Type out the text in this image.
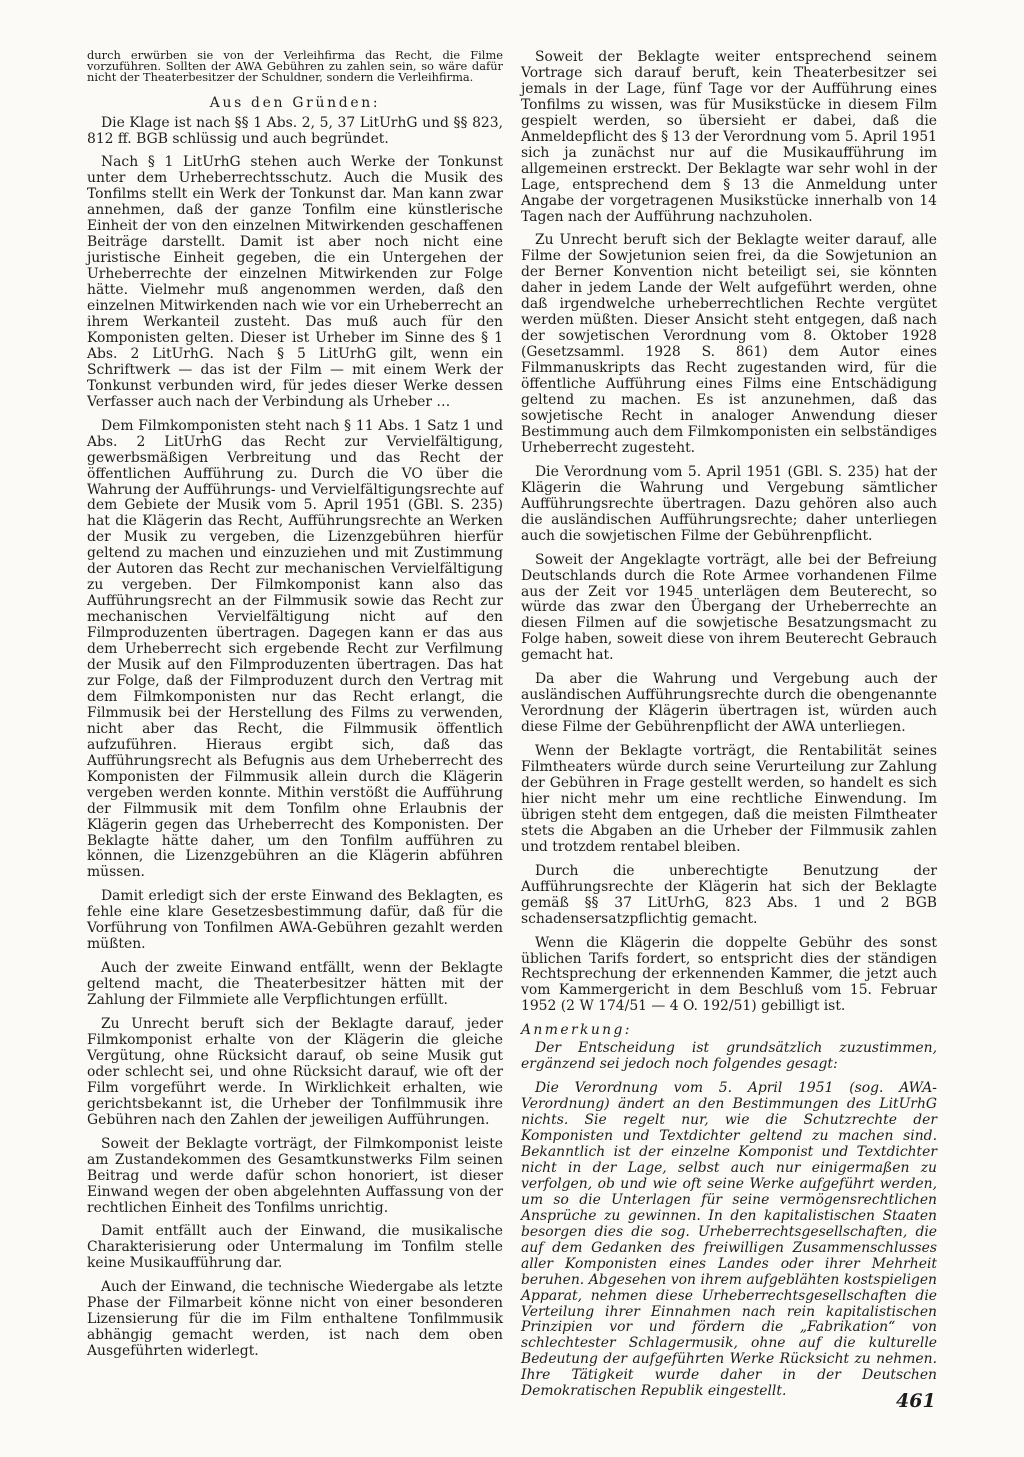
durch erwürben sie von der Verleihfirma das Recht, die Filme vorzuführen. Sollten der AWA Gebühren zu zahlen sein, so wäre dafür nicht der Theaterbesitzer der Schuldner, sondern die Verleihfirma.

Aus den Gründen:

Die Klage ist nach §§ 1 Abs. 2, 5, 37 LitUrhG und §§ 823, 812 ff. BGB schlüssig und auch begründet.

Nach § 1 LitUrhG stehen auch Werke der Tonkunst unter dem Urheberrechtsschutz. Auch die Musik des Tonfilms stellt ein Werk der Tonkunst dar. Man kann zwar annehmen, daß der ganze Tonfilm eine künstlerische Einheit der von den einzelnen Mitwirkenden geschaffenen Beiträge darstellt. Damit ist aber noch nicht eine juristische Einheit gegeben, die ein Untergehen der Urheberrechte der einzelnen Mitwirkenden zur Folge hätte. Vielmehr muß angenommen werden, daß den einzelnen Mitwirkenden nach wie vor ein Urheberrecht an ihrem Werkanteil zusteht. Das muß auch für den Komponisten gelten. Dieser ist Urheber im Sinne des § 1 Abs. 2 LitUrhG. Nach § 5 LitUrhG gilt, wenn ein Schriftwerk — das ist der Film — mit einem Werk der Tonkunst verbunden wird, für jedes dieser Werke dessen Verfasser auch nach der Verbindung als Urheber …

Dem Filmkomponisten steht nach § 11 Abs. 1 Satz 1 und Abs. 2 LitUrhG das Recht zur Vervielfältigung, gewerbsmäßigen Verbreitung und das Recht der öffentlichen Aufführung zu. Durch die VO über die Wahrung der Aufführungs- und Vervielfältigungsrechte auf dem Gebiete der Musik vom 5. April 1951 (GBl. S. 235) hat die Klägerin das Recht, Aufführungsrechte an Werken der Musik zu vergeben, die Lizenzgebühren hierfür geltend zu machen und einzuziehen und mit Zustimmung der Autoren das Recht zur mechanischen Vervielfältigung zu vergeben. Der Filmkomponist kann also das Aufführungsrecht an der Filmmusik sowie das Recht zur mechanischen Vervielfältigung nicht auf den Filmproduzenten übertragen. Dagegen kann er das aus dem Urheberrecht sich ergebende Recht zur Verfilmung der Musik auf den Filmproduzenten übertragen. Das hat zur Folge, daß der Filmproduzent durch den Vertrag mit dem Filmkomponisten nur das Recht erlangt, die Filmmusik bei der Herstellung des Films zu verwenden, nicht aber das Recht, die Filmmusik öffentlich aufzuführen. Hieraus ergibt sich, daß das Aufführungsrecht als Befugnis aus dem Urheberrecht des Komponisten der Filmmusik allein durch die Klägerin vergeben werden konnte. Mithin verstößt die Aufführung der Filmmusik mit dem Tonfilm ohne Erlaubnis der Klägerin gegen das Urheberrecht des Komponisten. Der Beklagte hätte daher, um den Tonfilm aufführen zu können, die Lizenzgebühren an die Klägerin abführen müssen.

Damit erledigt sich der erste Einwand des Beklagten, es fehle eine klare Gesetzesbestimmung dafür, daß für die Vorführung von Tonfilmen AWA-Gebühren gezahlt werden müßten.

Auch der zweite Einwand entfällt, wenn der Beklagte geltend macht, die Theaterbesitzer hätten mit der Zahlung der Filmmiete alle Verpflichtungen erfüllt.

Zu Unrecht beruft sich der Beklagte darauf, jeder Filmkomponist erhalte von der Klägerin die gleiche Vergütung, ohne Rücksicht darauf, ob seine Musik gut oder schlecht sei, und ohne Rücksicht darauf, wie oft der Film vorgeführt werde. In Wirklichkeit erhalten, wie gerichtsbekannt ist, die Urheber der Tonfilmmusik ihre Gebühren nach den Zahlen der jeweiligen Aufführungen.

Soweit der Beklagte vorträgt, der Filmkomponist leiste am Zustandekommen des Gesamtkunstwerks Film seinen Beitrag und werde dafür schon honoriert, ist dieser Einwand wegen der oben abgelehnten Auffassung von der rechtlichen Einheit des Tonfilms unrichtig.

Damit entfällt auch der Einwand, die musikalische Charakterisierung oder Untermalung im Tonfilm stelle keine Musikaufführung dar.

Auch der Einwand, die technische Wiedergabe als letzte Phase der Filmarbeit könne nicht von einer besonderen Lizensierung für die im Film enthaltene Tonfilmmusik abhängig gemacht werden, ist nach dem oben Ausgeführten widerlegt.

Soweit der Beklagte weiter entsprechend seinem Vortrage sich darauf beruft, kein Theaterbesitzer sei jemals in der Lage, fünf Tage vor der Aufführung eines Tonfilms zu wissen, was für Musikstücke in diesem Film gespielt werden, so übersieht er dabei, daß die Anmeldepflicht des § 13 der Verordnung vom 5. April 1951 sich ja zunächst nur auf die Musikaufführung im allgemeinen erstreckt. Der Beklagte war sehr wohl in der Lage, entsprechend dem § 13 die Anmeldung unter Angabe der vorgetragenen Musikstücke innerhalb von 14 Tagen nach der Aufführung nachzuholen.

Zu Unrecht beruft sich der Beklagte weiter darauf, alle Filme der Sowjetunion seien frei, da die Sowjetunion an der Berner Konvention nicht beteiligt sei, sie könnten daher in jedem Lande der Welt aufgeführt werden, ohne daß irgendwelche urheberrechtlichen Rechte vergütet werden müßten. Dieser Ansicht steht entgegen, daß nach der sowjetischen Verordnung vom 8. Oktober 1928 (Gesetzsamml. 1928 S. 861) dem Autor eines Filmmanuskripts das Recht zugestanden wird, für die öffentliche Aufführung eines Films eine Entschädigung geltend zu machen. Es ist anzunehmen, daß das sowjetische Recht in analoger Anwendung dieser Bestimmung auch dem Filmkomponisten ein selbständiges Urheberrecht zugesteht.

Die Verordnung vom 5. April 1951 (GBl. S. 235) hat der Klägerin die Wahrung und Vergebung sämtlicher Aufführungsrechte übertragen. Dazu gehören also auch die ausländischen Aufführungsrechte; daher unterliegen auch die sowjetischen Filme der Gebührenpflicht.

Soweit der Angeklagte vorträgt, alle bei der Befreiung Deutschlands durch die Rote Armee vorhandenen Filme aus der Zeit vor 1945 unterlägen dem Beuterecht, so würde das zwar den Übergang der Urheberrechte an diesen Filmen auf die sowjetische Besatzungsmacht zu Folge haben, soweit diese von ihrem Beuterecht Gebrauch gemacht hat.

Da aber die Wahrung und Vergebung auch der ausländischen Aufführungsrechte durch die obengenannte Verordnung der Klägerin übertragen ist, würden auch diese Filme der Gebührenpflicht der AWA unterliegen.

Wenn der Beklagte vorträgt, die Rentabilität seines Filmtheaters würde durch seine Verurteilung zur Zahlung der Gebühren in Frage gestellt werden, so handelt es sich hier nicht mehr um eine rechtliche Einwendung. Im übrigen steht dem entgegen, daß die meisten Filmtheater stets die Abgaben an die Urheber der Filmmusik zahlen und trotzdem rentabel bleiben.

Durch die unberechtigte Benutzung der Aufführungsrechte der Klägerin hat sich der Beklagte gemäß §§ 37 LitUrhG, 823 Abs. 1 und 2 BGB schadensersatzpflichtig gemacht.

Wenn die Klägerin die doppelte Gebühr des sonst üblichen Tarifs fordert, so entspricht dies der ständigen Rechtsprechung der erkennenden Kammer, die jetzt auch vom Kammergericht in dem Beschluß vom 15. Februar 1952 (2 W 174/51 — 4 O. 192/51) gebilligt ist.

Anmerkung:

Der Entscheidung ist grundsätzlich zuzustimmen, ergänzend sei jedoch noch folgendes gesagt:

Die Verordnung vom 5. April 1951 (sog. AWA-Verordnung) ändert an den Bestimmungen des LitUrhG nichts. Sie regelt nur, wie die Schutzrechte der Komponisten und Textdichter geltend zu machen sind. Bekanntlich ist der einzelne Komponist und Textdichter nicht in der Lage, selbst auch nur einigermaßen zu verfolgen, ob und wie oft seine Werke aufgeführt werden, um so die Unterlagen für seine vermögensrechtlichen Ansprüche zu gewinnen. In den kapitalistischen Staaten besorgen dies die sog. Urheberrechtsgesellschaften, die auf dem Gedanken des freiwilligen Zusammenschlusses aller Komponisten eines Landes oder ihrer Mehrheit beruhen. Abgesehen von ihrem aufgeblähten kostspieligen Apparat, nehmen diese Urheberrechtsgesellschaften die Verteilung ihrer Einnahmen nach rein kapitalistischen Prinzipien vor und fördern die „Fabrikation“ von schlechtester Schlagermusik, ohne auf die kulturelle Bedeutung der aufgeführten Werke Rücksicht zu nehmen. Ihre Tätigkeit wurde daher in der Deutschen Demokratischen Republik eingestellt.	461
